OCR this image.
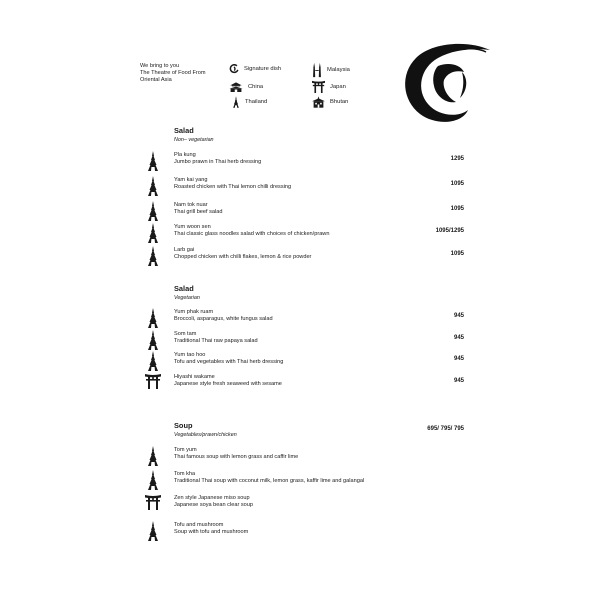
We bring to you
The Theatre of Food From
Oriental Asia
Signature dish
China
Thailand
Malaysia
Japan
Bhutan
Salad
Non– vegetarian
Pla kung
Jumbo prawn in Thai herb dressing	1295
Yam kai yang
Roasted chicken with Thai lemon chilli dressing	1095
Nam tok nuar
Thai grill beef salad	1095
Yum woon sen
Thai classic glass noodles salad with choices of chicken/prawn	1095/1295
Larb gai
Chopped chicken with chilli flakes, lemon & rice powder	1095
Salad
Vegetarian
Yum phak ruam
Broccoli, asparagus, white fungus salad	945
Som tam
Traditional Thai raw papaya salad	945
Yum tao hoo
Tofu and vegetables with Thai herb dressing	945
Hiyashi wakame
Japanese style fresh seaweed with sesame	945
Soup
Vegetables/prawn/chicken
695/ 795/ 795
Tom yum
Thai famous soup with lemon grass and caffir lime
Tom kha
Traditional Thai soup with coconut milk, lemon grass, kaffir lime and galangal
Zen style Japanese miso soup
Japanese soya bean clear soup
Tofu and mushroom
Soup with tofu and mushroom
